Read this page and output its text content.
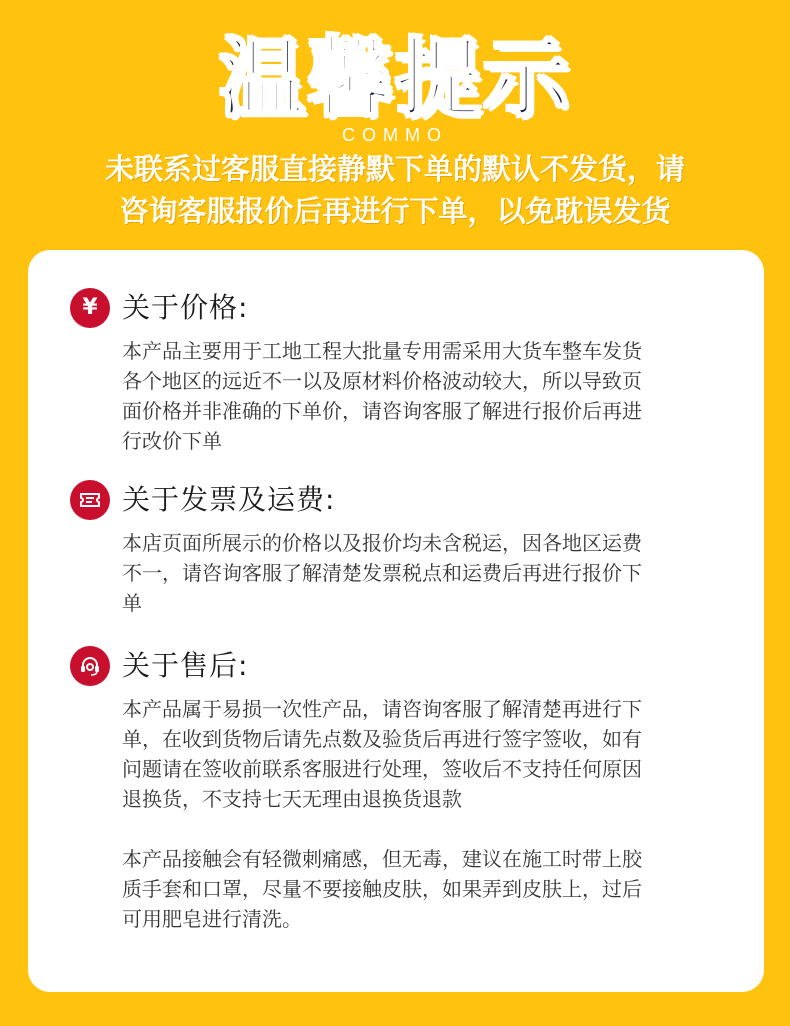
温馨提示
COMMO
未联系过客服直接静默下单的默认不发货，请
咨询客服报价后再进行下单，以免耽误发货
¥ 关于价格:
本产品主要用于工地工程大批量专用需采用大货车整车发货
各个地区的远近不一以及原材料价格波动较大，所以导致页
面价格并非准确的下单价，请咨询客服了解进行报价后再进
行改价下单
关于发票及运费:
本店页面所展示的价格以及报价均未含税运，因各地区运费
不一，请咨询客服了解清楚发票税点和运费后再进行报价下
单
关于售后:
本产品属于易损一次性产品，请咨询客服了解清楚再进行下
单，在收到货物后请先点数及验货后再进行签字签收，如有
问题请在签收前联系客服进行处理，签收后不支持任何原因
退换货，不支持七天无理由退换货退款

本产品接触会有轻微刺痛感，但无毒，建议在施工时带上胶
质手套和口罩，尽量不要接触皮肤，如果弄到皮肤上，过后
可用肥皂进行清洗。
